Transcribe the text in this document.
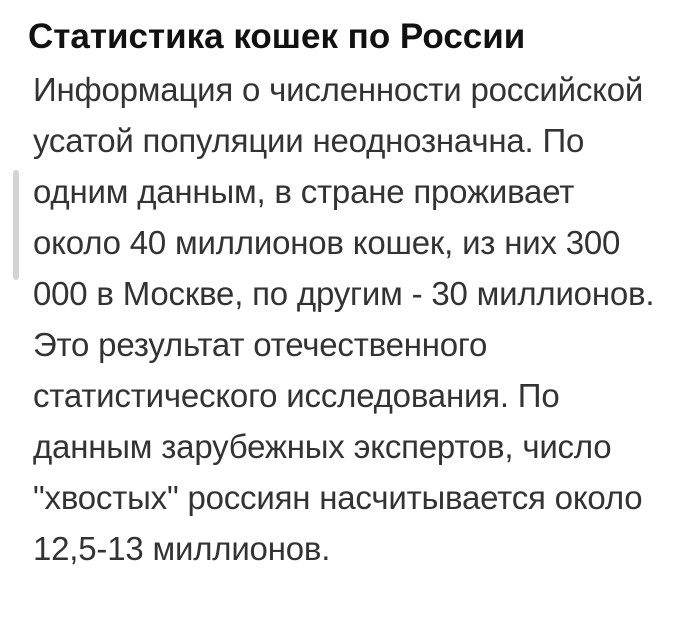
Статистика кошек по России
Информация о численности российской
усатой популяции неоднозначна. По
одним данным, в стране проживает
около 40 миллионов кошек, из них 300
000 в Москве, по другим - 30 миллионов.
Это результат отечественного
статистического исследования. По
данным зарубежных экспертов, число
"хвостых" россиян насчитывается около
12,5-13 миллионов.
